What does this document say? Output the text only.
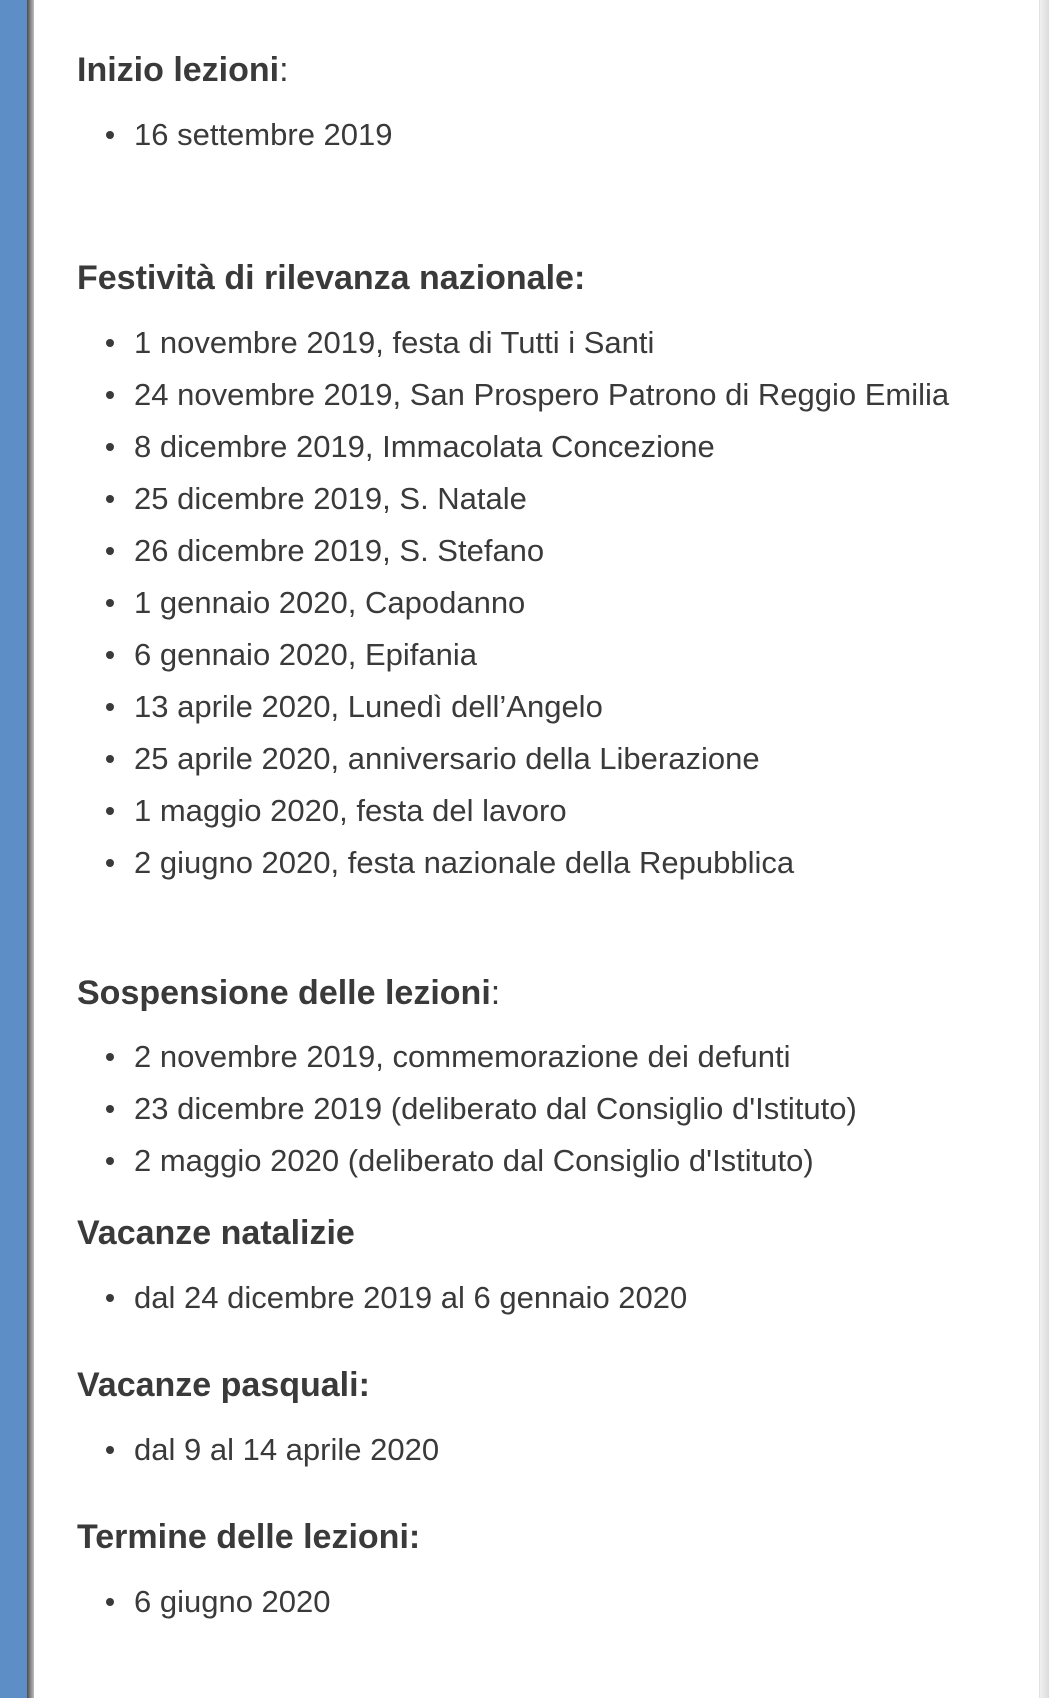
Inizio lezioni:
16 settembre 2019
Festività di rilevanza nazionale:
1 novembre 2019, festa di Tutti i Santi
24 novembre 2019, San Prospero Patrono di Reggio Emilia
8 dicembre 2019, Immacolata Concezione
25 dicembre 2019, S. Natale
26 dicembre 2019, S. Stefano
1 gennaio 2020, Capodanno
6 gennaio 2020, Epifania
13 aprile 2020, Lunedì dell’Angelo
25 aprile 2020, anniversario della Liberazione
1 maggio 2020, festa del lavoro
2 giugno 2020, festa nazionale della Repubblica
Sospensione delle lezioni:
2 novembre 2019, commemorazione dei defunti
23 dicembre 2019 (deliberato dal Consiglio d'Istituto)
2 maggio 2020 (deliberato dal Consiglio d'Istituto)
Vacanze natalizie
dal 24 dicembre 2019 al 6 gennaio 2020
Vacanze pasquali:
dal 9 al 14 aprile 2020
Termine delle lezioni:
6 giugno 2020
